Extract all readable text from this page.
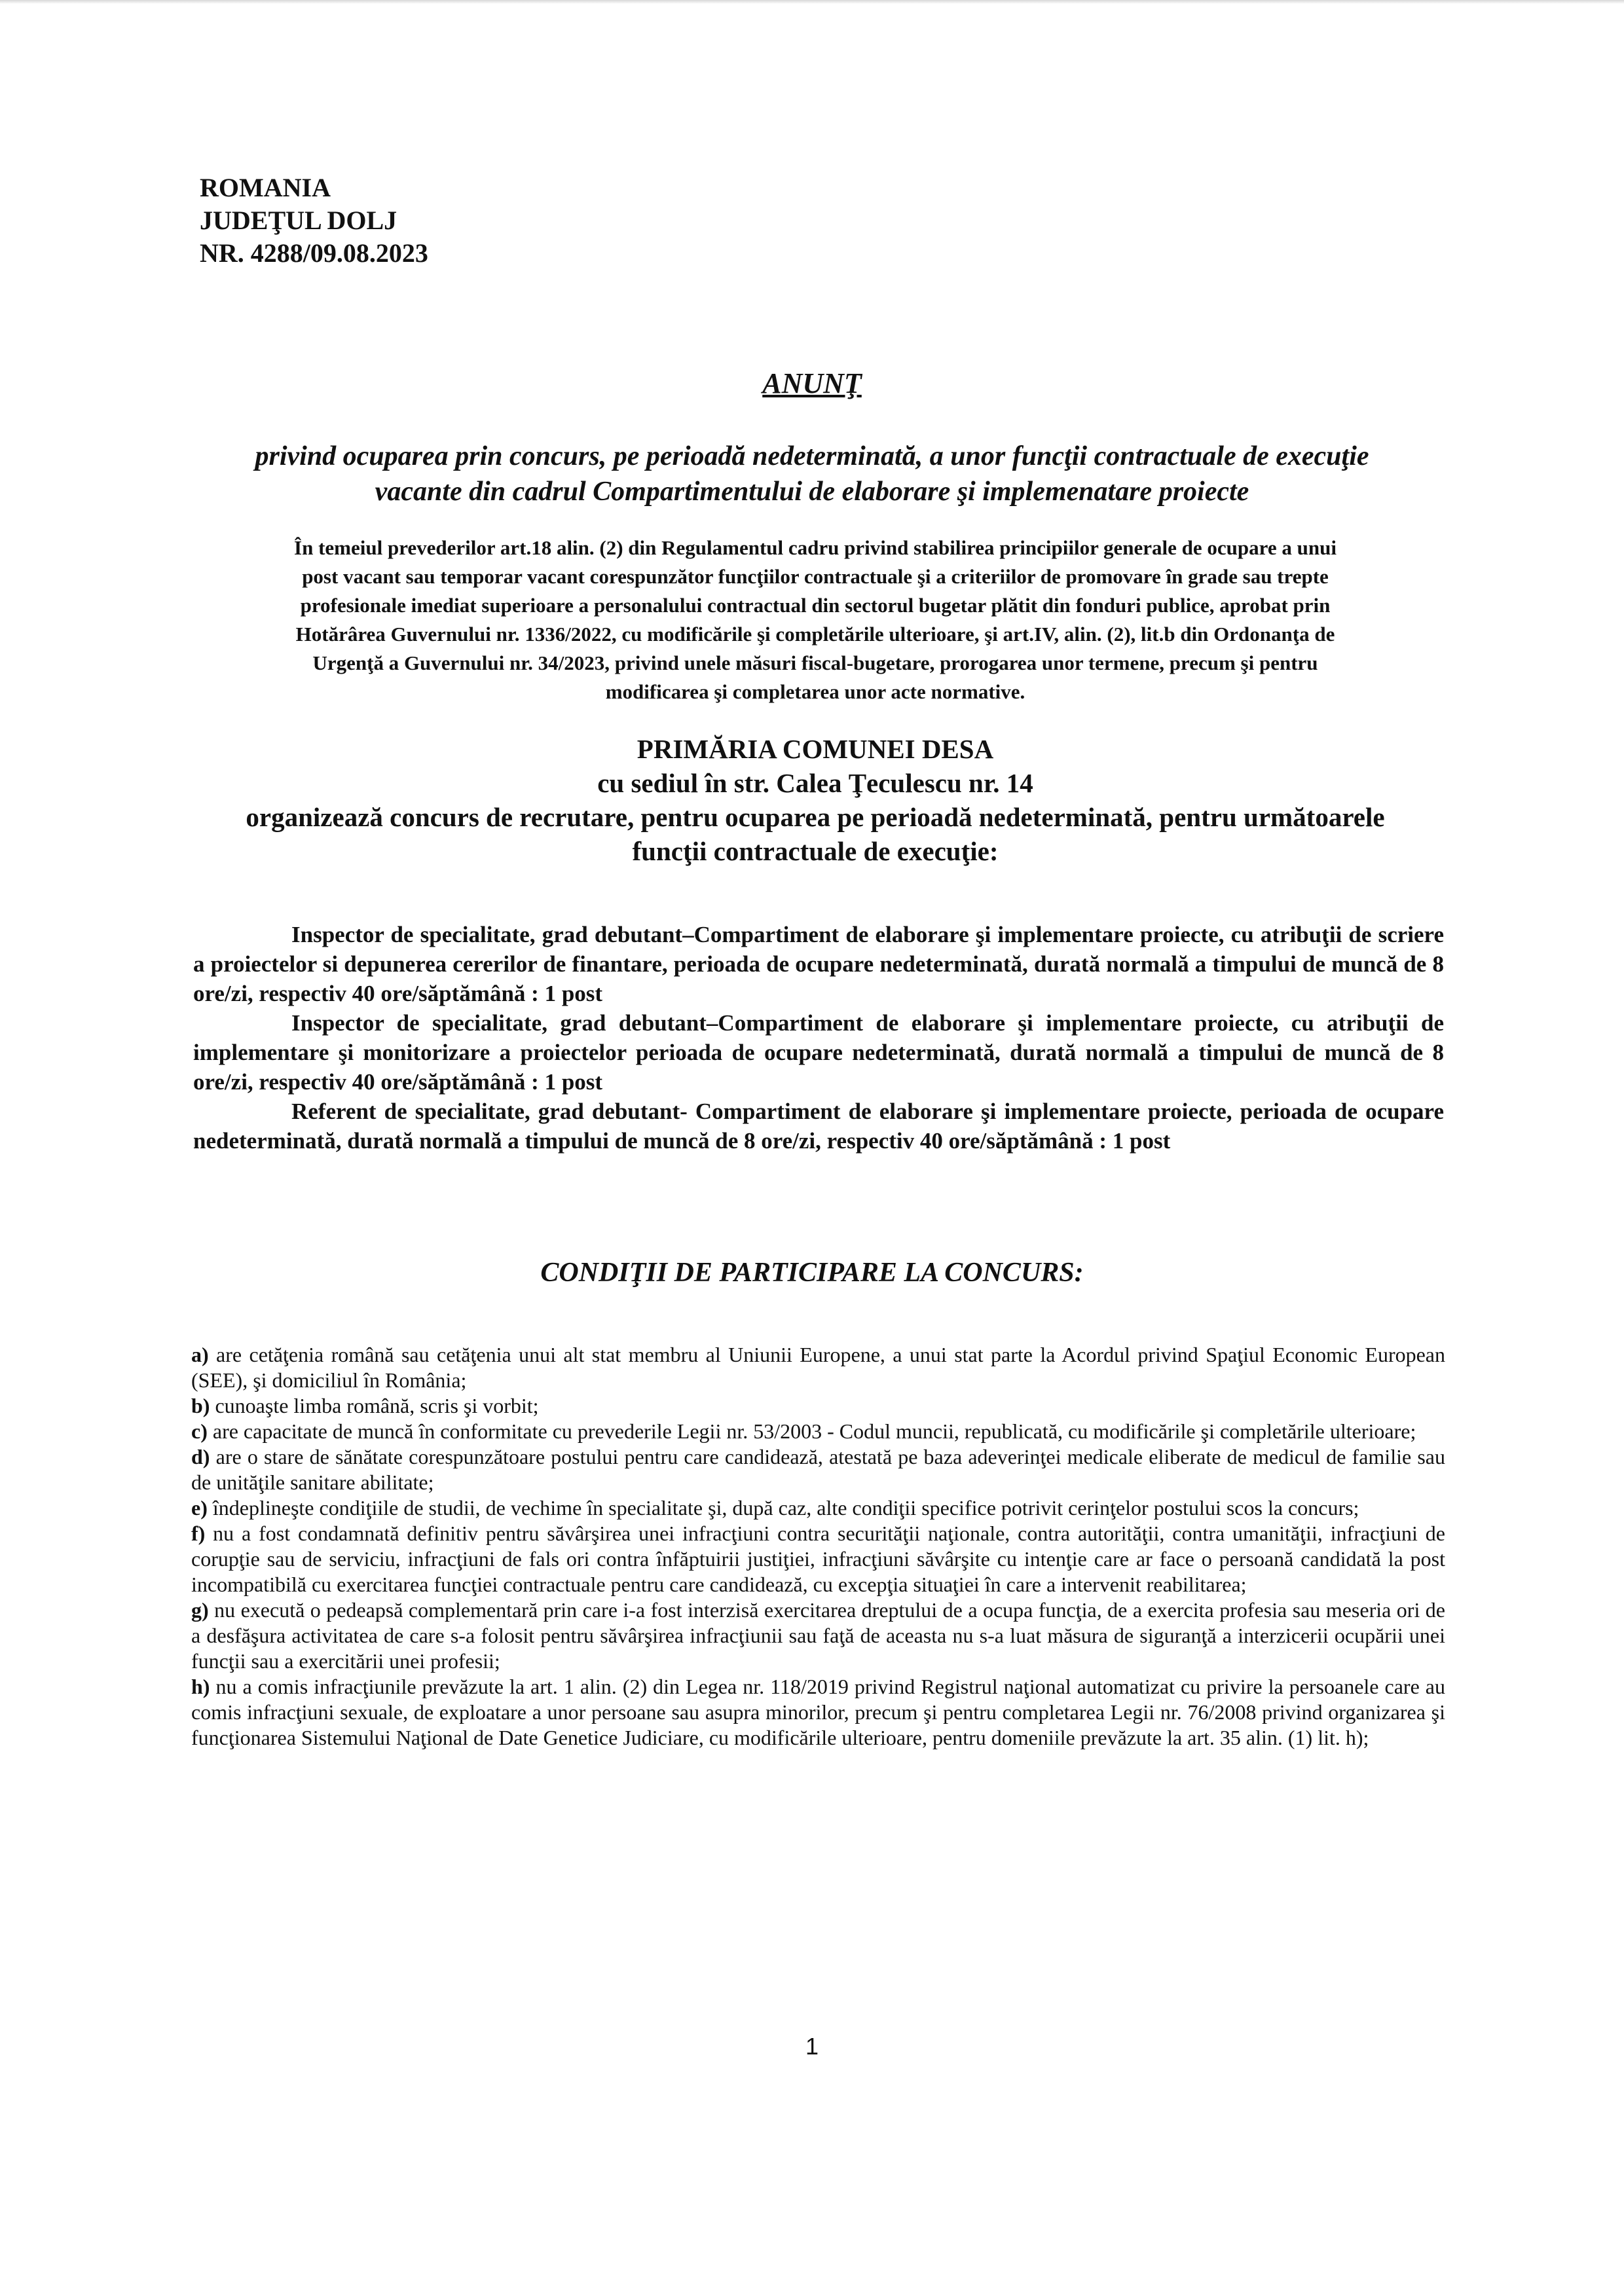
ROMANIA
JUDEŢUL DOLJ
NR. 4288/09.08.2023
ANUNŢ
privind ocuparea prin concurs, pe perioadă nedeterminată, a unor funcţii contractuale de execuţie
vacante din cadrul Compartimentului de elaborare şi implemenatare proiecte
În temeiul prevederilor art.18 alin. (2) din Regulamentul cadru privind stabilirea principiilor generale de ocupare a unui
post vacant sau temporar vacant corespunzător funcţiilor contractuale şi a criteriilor de promovare în grade sau trepte
profesionale imediat superioare a personalului contractual din sectorul bugetar plătit din fonduri publice, aprobat prin
Hotărârea Guvernului nr. 1336/2022, cu modificările şi completările ulterioare, şi art.IV, alin. (2), lit.b din Ordonanţa de
Urgenţă a Guvernului nr. 34/2023, privind unele măsuri fiscal-bugetare, prorogarea unor termene, precum şi pentru
modificarea şi completarea unor acte normative.
PRIMĂRIA COMUNEI DESA
cu sediul în str. Calea Ţeculescu nr. 14
organizează concurs de recrutare, pentru ocuparea pe perioadă nedeterminată, pentru următoarele
funcţii contractuale de execuţie:

Inspector de specialitate, grad debutant–Compartiment de elaborare şi implementare proiecte, cu atribuţii de scriere a proiectelor si depunerea cererilor de finantare, perioada de ocupare nedeterminată, durată normală a timpului de muncă de 8 ore/zi, respectiv 40 ore/săptămână : 1 post

Inspector de specialitate, grad debutant–Compartiment de elaborare şi implementare proiecte, cu atribuţii de implementare şi monitorizare a proiectelor perioada de ocupare nedeterminată, durată normală a timpului de muncă de 8 ore/zi, respectiv 40 ore/săptămână : 1 post

Referent de specialitate, grad debutant- Compartiment de elaborare şi implementare proiecte, perioada de ocupare nedeterminată, durată normală a timpului de muncă de 8 ore/zi, respectiv 40 ore/săptămână : 1 post

CONDIŢII DE PARTICIPARE LA CONCURS:

a) are cetăţenia română sau cetăţenia unui alt stat membru al Uniunii Europene, a unui stat parte la Acordul privind Spaţiul Economic European (SEE), şi domiciliul în România;

b) cunoaşte limba română, scris şi vorbit;

c) are capacitate de muncă în conformitate cu prevederile Legii nr. 53/2003 - Codul muncii, republicată, cu modificările şi completările ulterioare;

d) are o stare de sănătate corespunzătoare postului pentru care candidează, atestată pe baza adeverinţei medicale eliberate de medicul de familie sau de unităţile sanitare abilitate;

e) îndeplineşte condiţiile de studii, de vechime în specialitate şi, după caz, alte condiţii specifice potrivit cerinţelor postului scos la concurs;

f) nu a fost condamnată definitiv pentru săvârşirea unei infracţiuni contra securităţii naţionale, contra autorităţii, contra umanităţii, infracţiuni de corupţie sau de serviciu, infracţiuni de fals ori contra înfăptuirii justiţiei, infracţiuni săvârşite cu intenţie care ar face o persoană candidată la post incompatibilă cu exercitarea funcţiei contractuale pentru care candidează, cu excepţia situaţiei în care a intervenit reabilitarea;

g) nu execută o pedeapsă complementară prin care i-a fost interzisă exercitarea dreptului de a ocupa funcţia, de a exercita profesia sau meseria ori de a desfăşura activitatea de care s-a folosit pentru săvârşirea infracţiunii sau faţă de aceasta nu s-a luat măsura de siguranţă a interzicerii ocupării unei funcţii sau a exercitării unei profesii;

h) nu a comis infracţiunile prevăzute la art. 1 alin. (2) din Legea nr. 118/2019 privind Registrul naţional automatizat cu privire la persoanele care au comis infracţiuni sexuale, de exploatare a unor persoane sau asupra minorilor, precum şi pentru completarea Legii nr. 76/2008 privind organizarea şi funcţionarea Sistemului Naţional de Date Genetice Judiciare, cu modificările ulterioare, pentru domeniile prevăzute la art. 35 alin. (1) lit. h);

1
